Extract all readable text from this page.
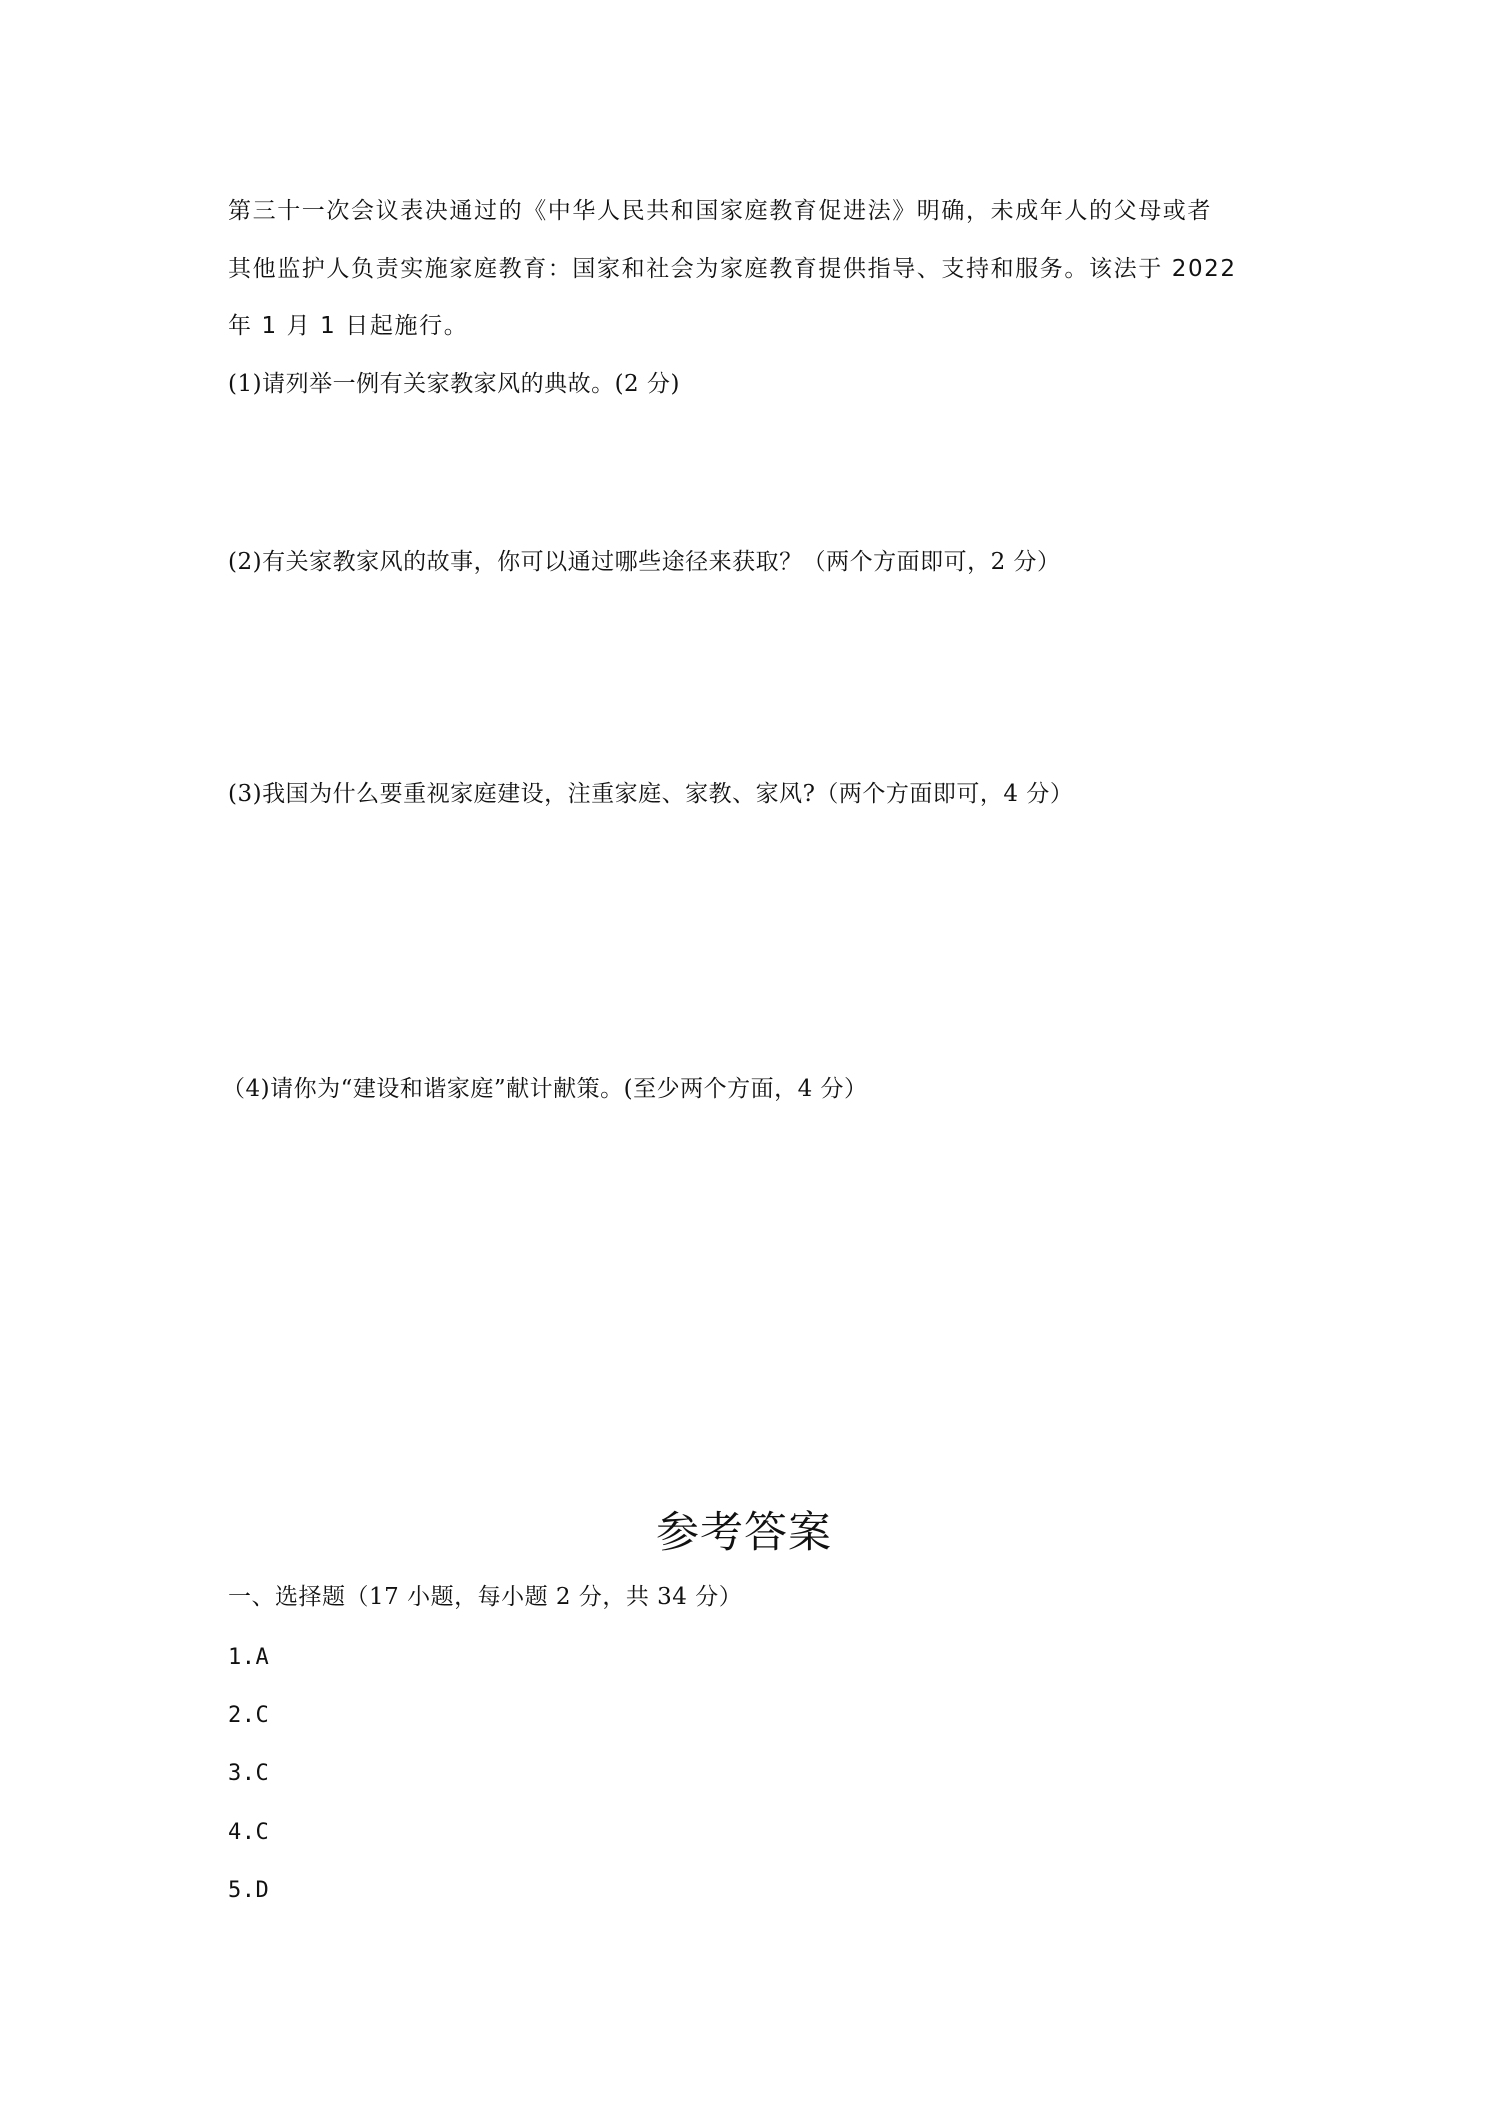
第三十一次会议表决通过的《中华人民共和国家庭教育促进法》明确，未成年人的父母或者
其他监护人负责实施家庭教育：国家和社会为家庭教育提供指导、支持和服务。该法于 2022
年 1 月 1 日起施行。
(1)请列举一例有关家教家风的典故。(2 分)
(2)有关家教家风的故事，你可以通过哪些途径来获取？（两个方面即可，2 分）
(3)我国为什么要重视家庭建设，注重家庭、家教、家风?（两个方面即可，4 分）
（4)请你为“建设和谐家庭”献计献策。(至少两个方面，4 分）
参考答案
一、选择题（17 小题，每小题 2 分，共 34 分）
1.A
2.C
3.C
4.C
5.D
